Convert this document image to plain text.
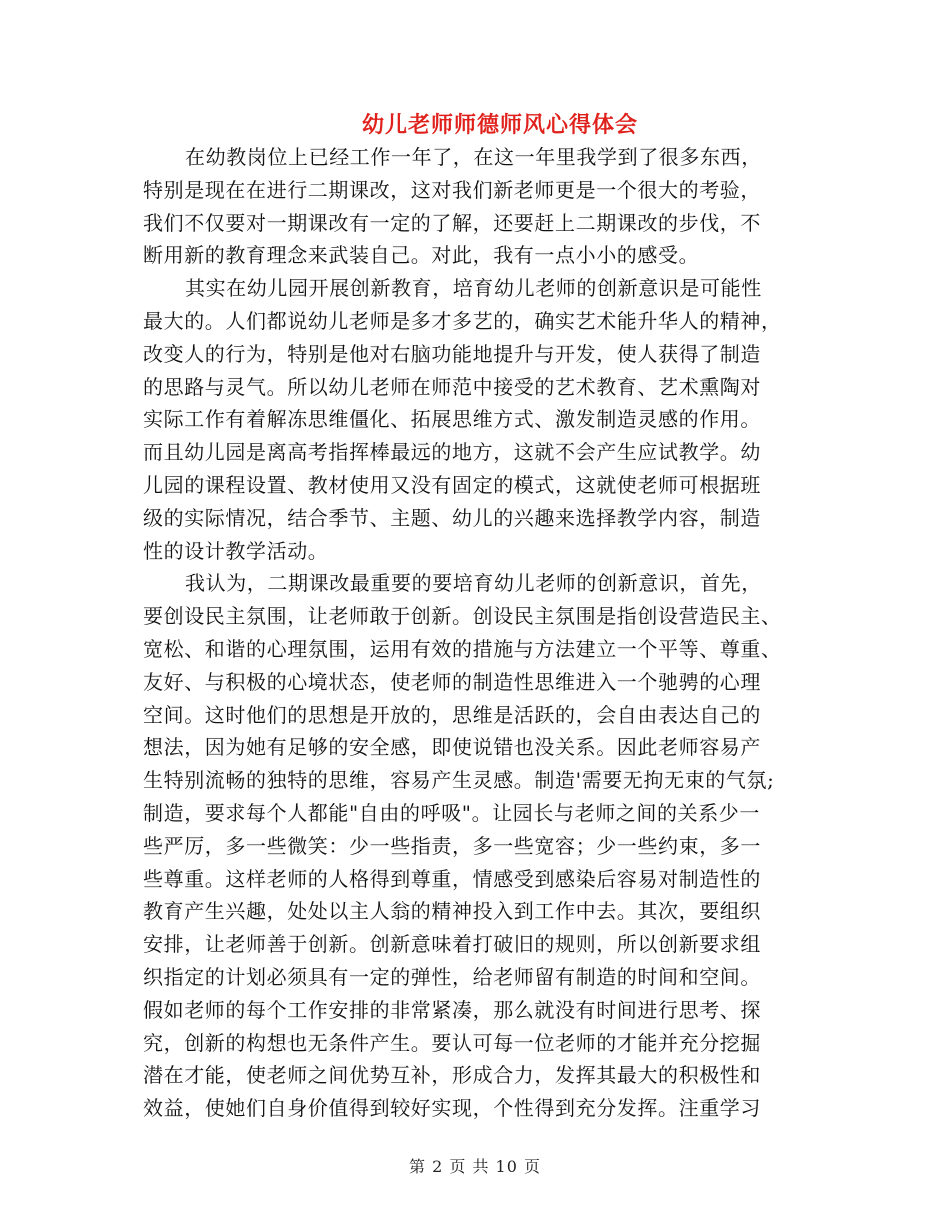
幼儿老师师德师风心得体会
在幼教岗位上已经工作一年了，在这一年里我学到了很多东西，
特别是现在在进行二期课改，这对我们新老师更是一个很大的考验，
我们不仅要对一期课改有一定的了解，还要赶上二期课改的步伐，不
断用新的教育理念来武装自己。对此，我有一点小小的感受。
其实在幼儿园开展创新教育，培育幼儿老师的创新意识是可能性
最大的。人们都说幼儿老师是多才多艺的，确实艺术能升华人的精神，
改变人的行为，特别是他对右脑功能地提升与开发，使人获得了制造
的思路与灵气。所以幼儿老师在师范中接受的艺术教育、艺术熏陶对
实际工作有着解冻思维僵化、拓展思维方式、激发制造灵感的作用。
而且幼儿园是离高考指挥棒最远的地方，这就不会产生应试教学。幼
儿园的课程设置、教材使用又没有固定的模式，这就使老师可根据班
级的实际情况，结合季节、主题、幼儿的兴趣来选择教学内容，制造
性的设计教学活动。
我认为，二期课改最重要的要培育幼儿老师的创新意识，首先，
要创设民主氛围，让老师敢于创新。创设民主氛围是指创设营造民主、
宽松、和谐的心理氛围，运用有效的措施与方法建立一个平等、尊重、
友好、与积极的心境状态，使老师的制造性思维进入一个驰骋的心理
空间。这时他们的思想是开放的，思维是活跃的，会自由表达自己的
想法，因为她有足够的安全感，即使说错也没关系。因此老师容易产
生特别流畅的独特的思维，容易产生灵感。制造'需要无拘无束的气氛;
制造，要求每个人都能"自由的呼吸"。让园长与老师之间的关系少一
些严厉，多一些微笑：少一些指责，多一些宽容；少一些约束，多一
些尊重。这样老师的人格得到尊重，情感受到感染后容易对制造性的
教育产生兴趣，处处以主人翁的精神投入到工作中去。其次，要组织
安排，让老师善于创新。创新意味着打破旧的规则，所以创新要求组
织指定的计划必须具有一定的弹性，给老师留有制造的时间和空间。
假如老师的每个工作安排的非常紧凑，那么就没有时间进行思考、探
究，创新的构想也无条件产生。要认可每一位老师的才能并充分挖掘
潜在才能，使老师之间优势互补，形成合力，发挥其最大的积极性和
效益，使她们自身价值得到较好实现，个性得到充分发挥。注重学习
第 2 页 共 10 页
